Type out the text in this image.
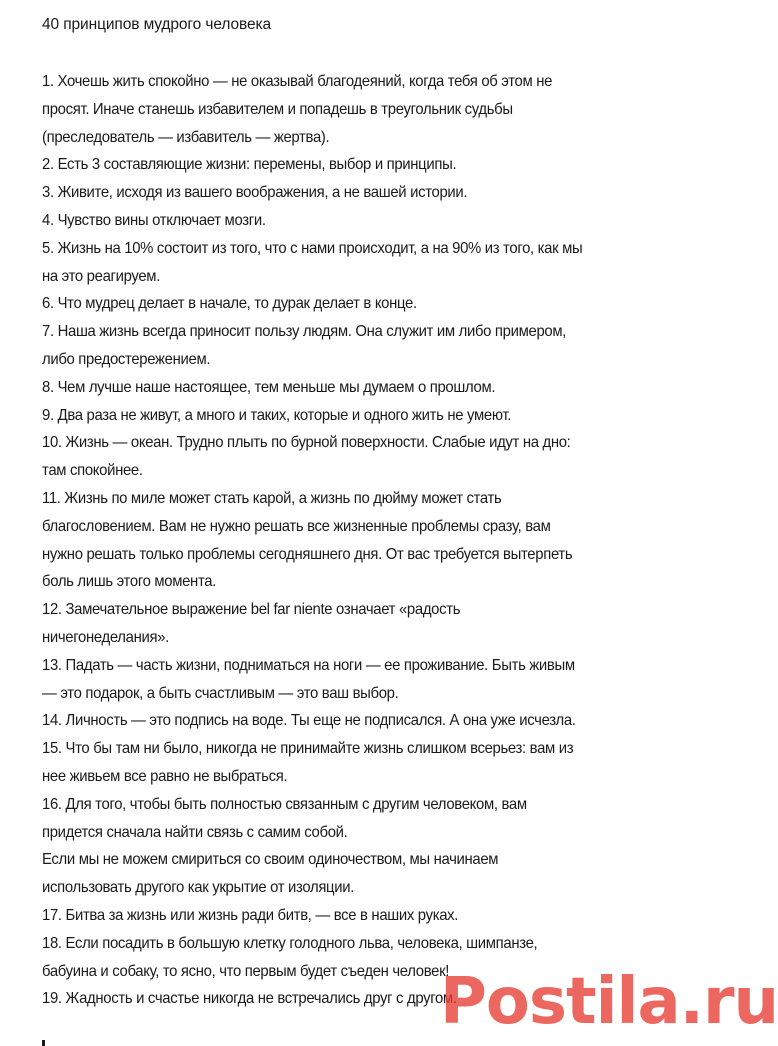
40 принципов мудрого человека

1. Хочешь жить спокойно — не оказывай благодеяний, когда тебя об этом не просят. Иначе станешь избавителем и попадешь в треугольник судьбы (преследователь — избавитель — жертва).

2. Есть 3 составляющие жизни: перемены, выбор и принципы.

3. Живите, исходя из вашего воображения, а не вашей истории.

4. Чувство вины отключает мозги.

5. Жизнь на 10% состоит из того, что с нами происходит, а на 90% из того, как мы на это реагируем.

6. Что мудрец делает в начале, то дурак делает в конце.

7. Наша жизнь всегда приносит пользу людям. Она служит им либо примером, либо предостережением.

8. Чем лучше наше настоящее, тем меньше мы думаем о прошлом.

9. Два раза не живут, а много и таких, которые и одного жить не умеют.

10. Жизнь — океан. Трудно плыть по бурной поверхности. Слабые идут на дно: там спокойнее.

11. Жизнь по миле может стать карой, а жизнь по дюйму может стать благословением. Вам не нужно решать все жизненные проблемы сразу, вам нужно решать только проблемы сегодняшнего дня. От вас требуется вытерпеть боль лишь этого момента.

12. Замечательное выражение bel far niente означает «радость ничегонеделания».

13. Падать — часть жизни, подниматься на ноги — ее проживание. Быть живым — это подарок, а быть счастливым — это ваш выбор.

14. Личность — это подпись на воде. Ты еще не подписался. А она уже исчезла.

15. Что бы там ни было, никогда не принимайте жизнь слишком всерьез: вам из нее живьем все равно не выбраться.

16. Для того, чтобы быть полностью связанным с другим человеком, вам придется сначала найти связь с самим собой.

Если мы не можем смириться со своим одиночеством, мы начинаем использовать другого как укрытие от изоляции.

17. Битва за жизнь или жизнь ради битв, — все в наших руках.

18. Если посадить в большую клетку голодного льва, человека, шимпанзе, бабуина и собаку, то ясно, что первым будет съеден человек!

19. Жадность и счастье никогда не встречались друг с другом.

Postila.ru
